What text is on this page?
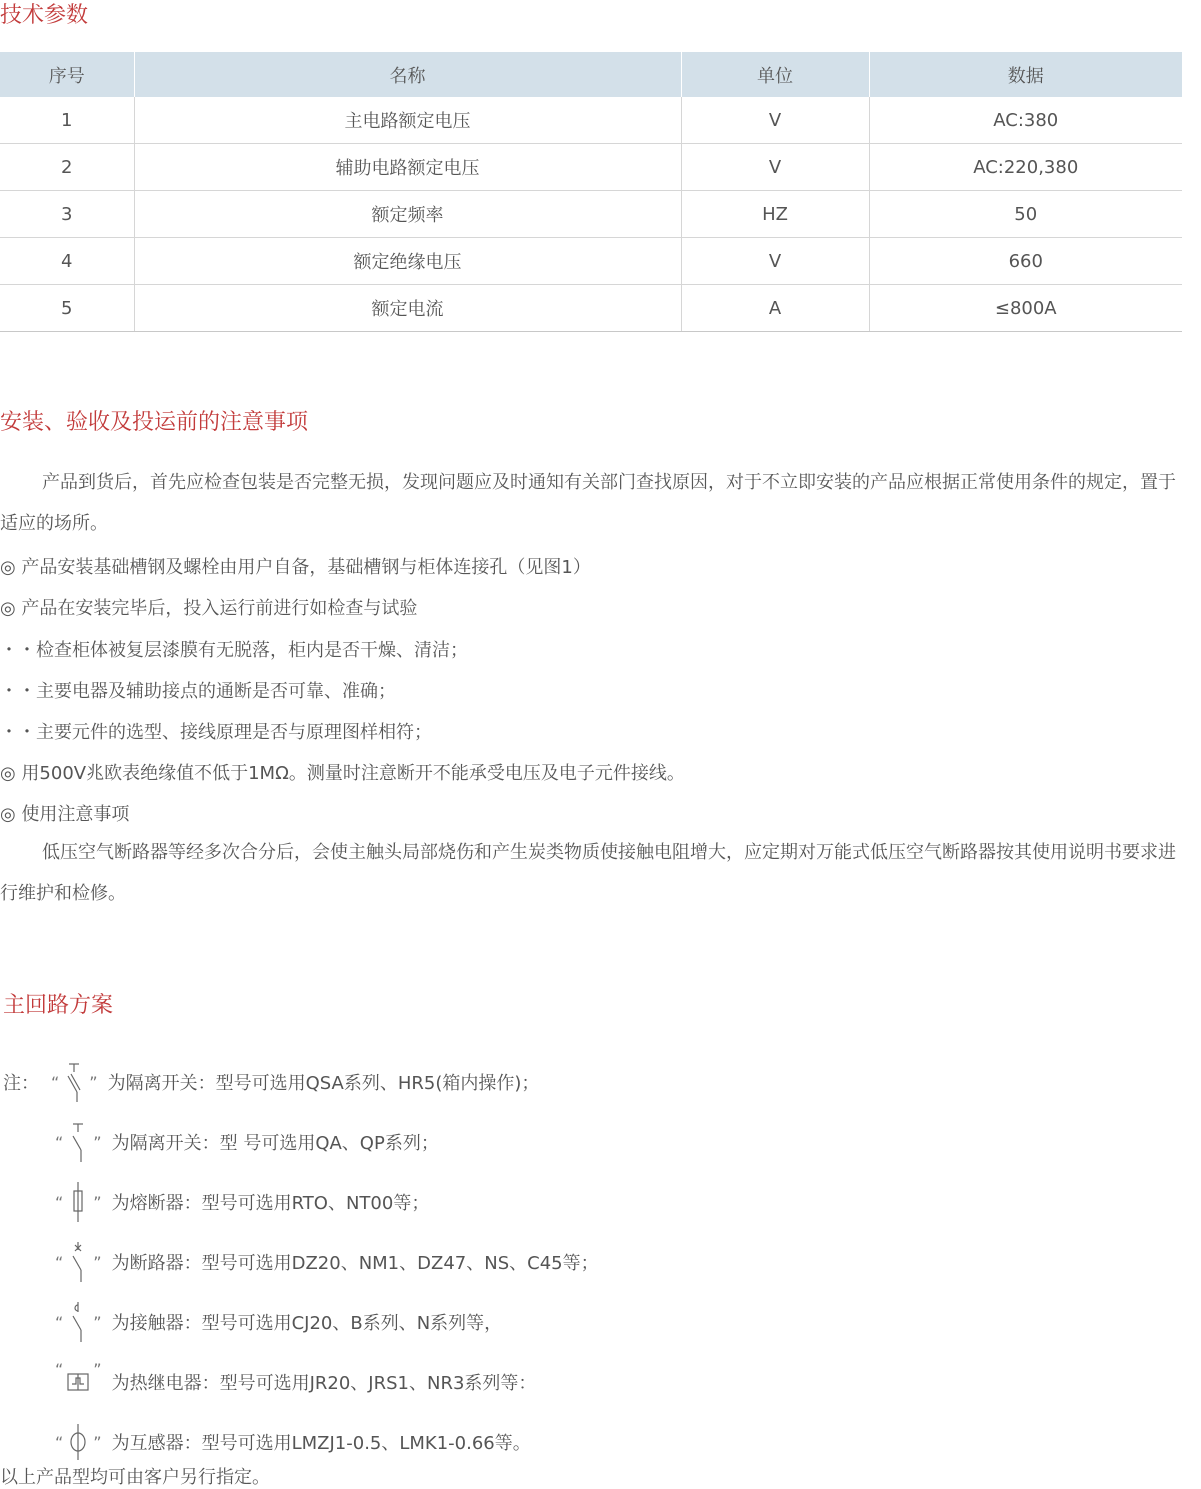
技术参数
序号	名称	单位	数据
1	主电路额定电压	V	AC:380
2	辅助电路额定电压	V	AC:220,380
3	额定频率	HZ	50
4	额定绝缘电压	V	660
5	额定电流	A	≤800A
安装、验收及投运前的注意事项

产品到货后，首先应检查包装是否完整无损，发现问题应及时通知有关部门查找原因，对于不立即安装的产品应根据正常使用条件的规定，置于适应的场所。

◎ 产品安装基础槽钢及螺栓由用户自备，基础槽钢与柜体连接孔（见图1）
◎ 产品在安装完毕后，投入运行前进行如检查与试验
・・检查柜体被复层漆膜有无脱落，柜内是否干燥、清洁；
・・主要电器及辅助接点的通断是否可靠、准确；
・・主要元件的选型、接线原理是否与原理图样相符；
◎ 用500V兆欧表绝缘值不低于1MΩ。测量时注意断开不能承受电压及电子元件接线。
◎ 使用注意事项

低压空气断路器等经多次合分后，会使主触头局部烧伤和产生炭类物质使接触电阻增大，应定期对万能式低压空气断路器按其使用说明书要求进行维护和检修。

主回路方案
注： “ ” 为隔离开关：型号可选用QSA系列、HR5(箱内操作)；
“ ” 为隔离开关：型 号可选用QA、QP系列；
“ ” 为熔断器：型号可选用RTO、NT00等；
“ ” 为断路器：型号可选用DZ20、NM1、DZ47、NS、C45等；
“ ” 为接触器：型号可选用CJ20、B系列、N系列等，
“ ”
为热继电器：型号可选用JR20、JRS1、NR3系列等：
“ ” 为互感器：型号可选用LMZJ1-0.5、LMK1-0.66等。
以上产品型均可由客户另行指定。
